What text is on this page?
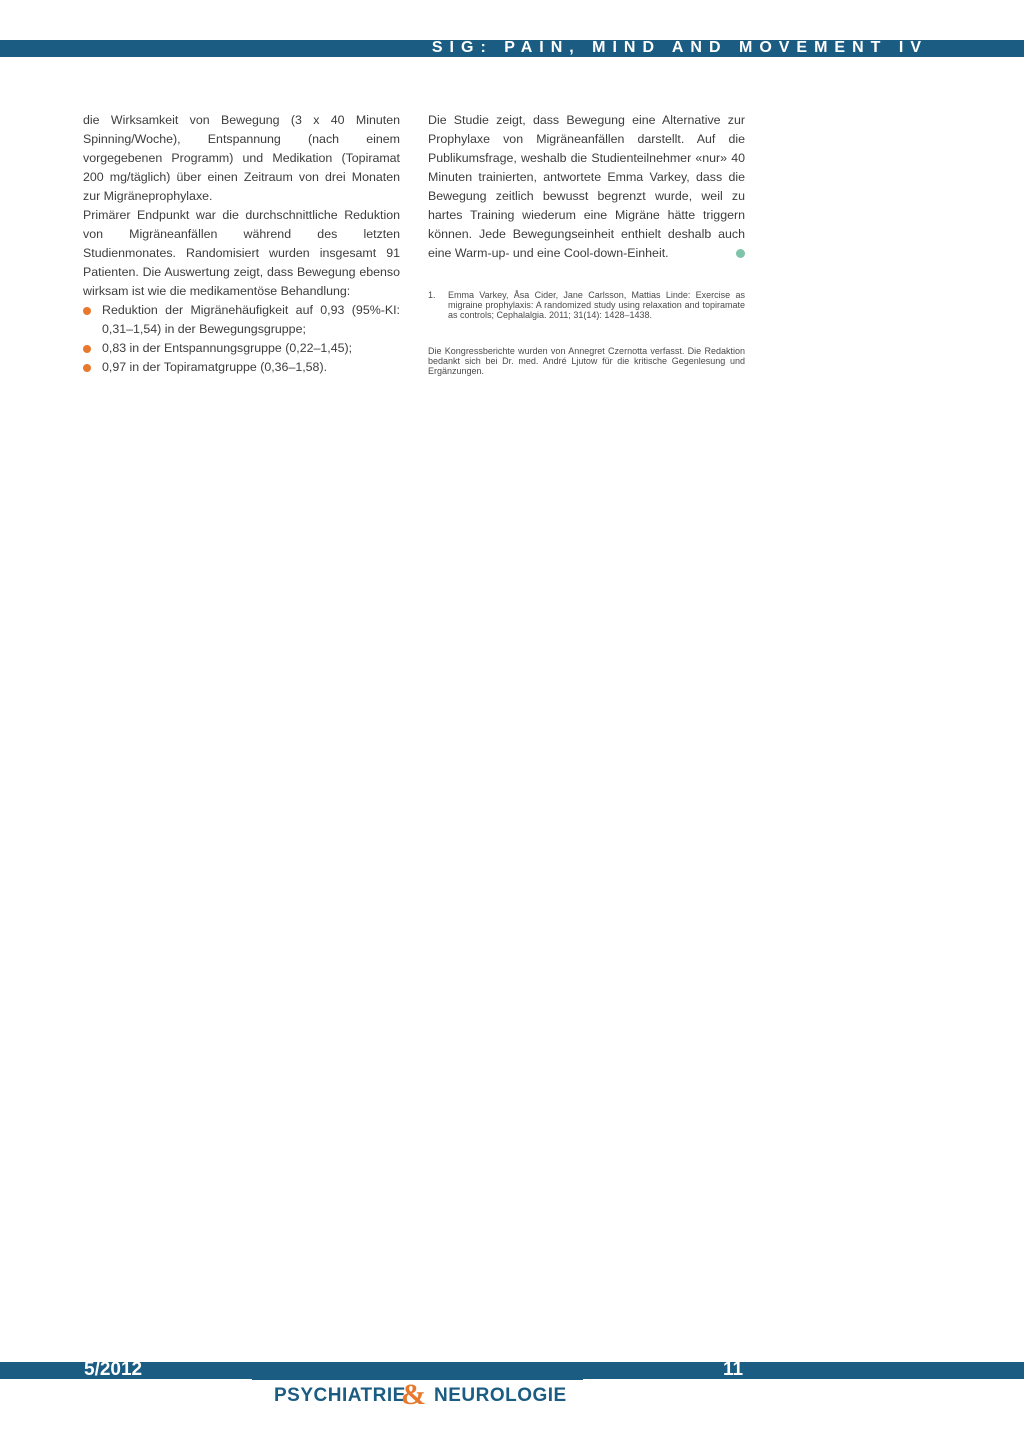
SIG: PAIN, MIND AND MOVEMENT IV

die Wirksamkeit von Bewegung (3 x 40 Minuten Spinning/Woche), Entspannung (nach einem vorgegebenen Programm) und Medikation (Topiramat 200 mg/täglich) über einen Zeitraum von drei Monaten zur Migräneprophylaxe.

Primärer Endpunkt war die durchschnittliche Reduktion von Migräneanfällen während des letzten Studienmonates. Randomisiert wurden insgesamt 91 Patienten. Die Auswertung zeigt, dass Bewegung ebenso wirksam ist wie die medikamentöse Behandlung:

Reduktion der Migränehäufigkeit auf 0,93 (95%-KI: 0,31–1,54) in der Bewegungsgruppe;
0,83 in der Entspannungsgruppe (0,22–1,45);
0,97 in der Topiramatgruppe (0,36–1,58).

Die Studie zeigt, dass Bewegung eine Alternative zur Prophylaxe von Migräneanfällen darstellt. Auf die Publikumsfrage, weshalb die Studienteilnehmer «nur» 40 Minuten trainierten, antwortete Emma Varkey, dass die Bewegung zeitlich bewusst begrenzt wurde, weil zu hartes Training wiederum eine Migräne hätte triggern können. Jede Bewegungseinheit enthielt deshalb auch eine Warm-up- und eine Cool-down-Einheit.

1.	Emma Varkey, Åsa Cider, Jane Carlsson, Mattias Linde: Exercise as migraine prophylaxis: A randomized study using relaxation and topiramate as controls; Cephalalgia. 2011; 31(14): 1428–1438.
Die Kongressberichte wurden von Annegret Czernotta verfasst. Die Redaktion bedankt sich bei Dr. med. André Ljutow für die kritische Gegenlesung und Ergänzungen.
5/2012	11
PSYCHIATRIE
& NEUROLOGIE
